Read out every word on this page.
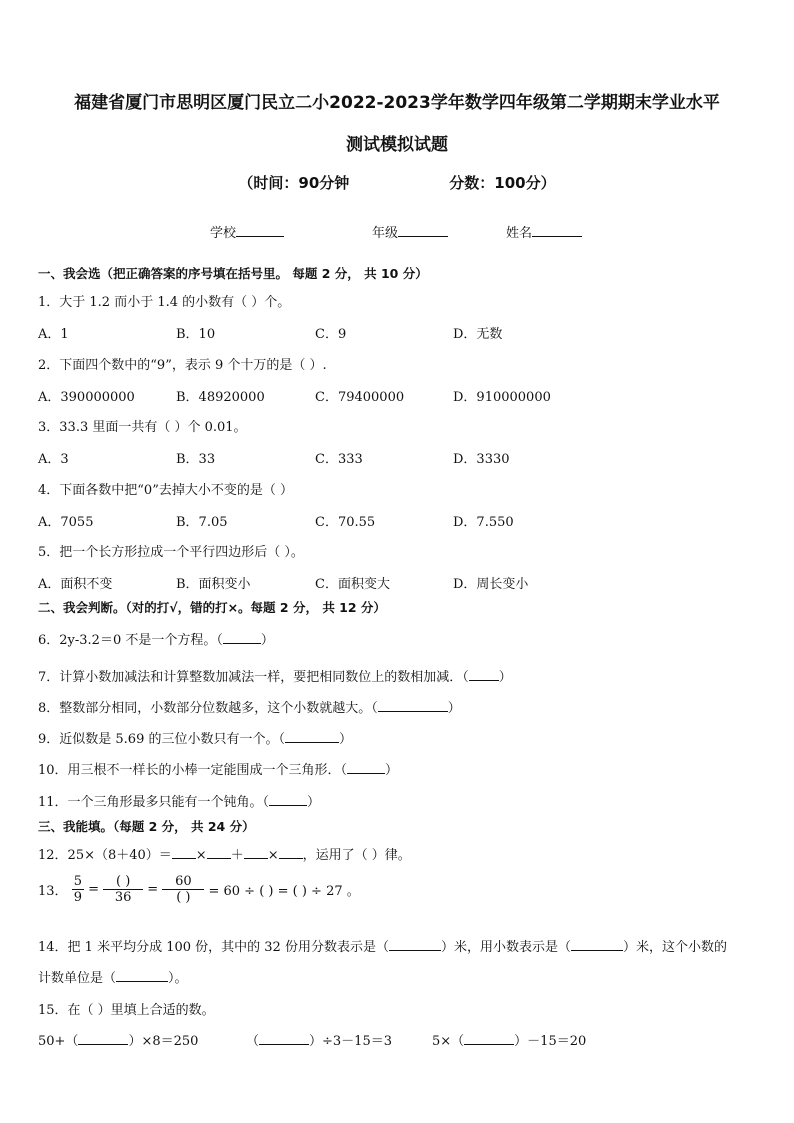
福建省厦门市思明区厦门民立二小2022-2023学年数学四年级第二学期期末学业水平
测试模拟试题
（时间：90分钟	分数：100分）
学校	年级	姓名
一、我会选（把正确答案的序号填在括号里。 每题 2 分， 共 10 分）
1．大于 1.2 而小于 1.4 的小数有（ ）个。
A．1	B．10	C．9	D．无数
2．下面四个数中的“9”，表示 9 个十万的是（ ）.
A．390000000	B．48920000	C．79400000	D．910000000
3．33.3 里面一共有（ ）个 0.01。
A．3	B．33	C．333	D．3330
4．下面各数中把“0”去掉大小不变的是（ ）
A．7055	B．7.05	C．70.55	D．7.550
5．把一个长方形拉成一个平行四边形后（ ）。
A．面积不变	B．面积变小	C．面积变大	D．周长变小
二、我会判断。（对的打√，错的打×。每题 2 分， 共 12 分）
6．2y-3.2＝0 不是一个方程。（	）
7．计算小数加减法和计算整数加减法一样，要把相同数位上的数相加减．（ ）
8．整数部分相同，小数部分位数越多，这个小数就越大。（	）
9．近似数是 5.69 的三位小数只有一个。（	）
10．用三根不一样长的小棒一定能围成一个三角形．（	）
11．一个三角形最多只能有一个钝角。（	）
三、我能填。（每题 2 分， 共 24 分）
12．25×（8＋40）＝ × ＋ × ，运用了（ ）律。
13． $\frac{5}{9}$ =
( )
36
=
60
( )	= 60 ÷ ( ) = ( ) ÷ 27 。
14．把 1 米平均分成 100 份，其中的 32 份用分数表示是（	）米，用小数表示是（	）米，这个小数的
计数单位是（	）。
15．在（ ）里填上合适的数。
50+（	）×8＝250	（	）÷3－15＝3	5×（	）－15＝20
